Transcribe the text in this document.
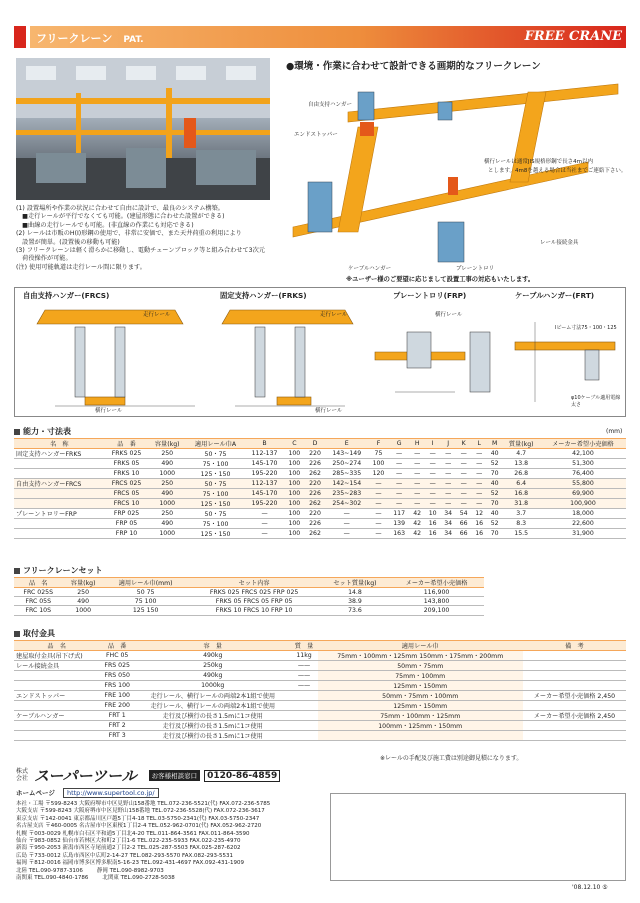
フリークレーン　 PAT.	FREE CRANE
(1) 設置場所や作業の状況に合わせて自由に設計で、最良のシステム構築。
　■走行レールが平行でなくても可能。(建屋形態に合わせた設置ができる)
　■曲線の走行レールでも可能。(非直線の作業にも対応できる)
(2) レールは市販のH(Ⅰ)形鋼の使用で、非常に安価で、また天井荷重の利用により
　設置が簡単。(設置後の移動も可能)
(3) フリークレーンは軽く滑らかに移動し、電動チェーンブロック等と組み合わせて3次元
　荷役操作が可能。
(注) 使用可能軌道は走行レール間に限ります。
●環境・作業に合わせて設計できる画期的なフリークレーン
自由支持ハンガー
エンドストッパー
横行レールは通常JIS規格形鋼で長さ4m以内
とします。4m8を越える場合は当社までご連絡下さい。
レール接続金具
ケーブルハンガー	プレーントロリ
※ユーザー様のご要望に応じまして設置工事の対応もいたします。
自由支持ハンガー(FRCS)	固定支持ハンガー(FRKS)	プレーントロリ(FRP)	ケーブルハンガー(FRT)
走行レール
横行レール
走行レール
横行レール
横行レール
Iビーム寸法75・100・125
φ10ケーブル適用電線太さ
能力・寸法表	(mm)
名　称	品　番	容量(kg)	適用レール巾A	B	C	D	E	F	G	H	I	J	K	L	M	質量(kg)	メーカー希望小売価格
固定支持ハンガーFRKS	FRKS 025	250	50・75	112-137	100	220	143~149	75	—	—	—	—	—	—	40	4.7	42,100
	FRKS 05	490	75・100	145-170	100	226	250~274	100	—	—	—	—	—	—	52	13.8	51,300
	FRKS 10	1000	125・150	195-220	100	262	285~335	120	—	—	—	—	—	—	70	26.8	76,400
自由支持ハンガーFRCS	FRCS 025	250	50・75	112-137	100	220	142~154	—	—	—	—	—	—	—	40	6.4	55,800
	FRCS 05	490	75・100	145-170	100	226	235~283	—	—	—	—	—	—	—	52	16.8	69,900
	FRCS 10	1000	125・150	195-220	100	262	254~302	—	—	—	—	—	—	—	70	31.8	100,900
プレーントロリーFRP	FRP 025	250	50・75	—	100	220	—	—	117	42	10	34	54	12	40	3.7	18,000
	FRP 05	490	75・100	—	100	226	—	—	139	42	16	34	66	16	52	8.3	22,600
	FRP 10	1000	125・150	—	100	262	—	—	163	42	16	34	66	16	70	15.5	31,900
フリークレーンセット
品　名	容量(kg)	適用レール巾(mm)	セット内容	セット質量(kg)	メーカー希望小売価格
FRC 025S	250	50 75	FRKS 025 FRCS 025 FRP 025	14.8	116,900
FRC 05S	490	75 100	FRKS 05 FRCS 05 FRP 05	38.9	143,800
FRC 10S	1000	125 150	FRKS 10 FRCS 10 FRP 10	73.6	209,100
取付金具
品　名	品　番	容　量	質　量	適用レール巾	備　考
建屋取付金具(吊下げ式)	FHC 05	490kg	11kg	75mm・100mm・125mm 150mm・175mm・200mm	
レール接続金具	FRS 025	250kg	——	50mm・75mm	
	FRS 050	490kg	——	75mm・100mm	
	FRS 100	1000kg	——	125mm・150mm	
エンドストッパー	FRE 100	走行レール、横行レールの両端2本1組で使用		50mm・75mm・100mm	メーカー希望小売価格 2,450
	FRE 200	走行レール、横行レールの両端2本1組で使用		125mm・150mm	
ケーブルハンガー	FRT 1	走行及び横行の長さ1.5mに1コ使用		75mm・100mm・125mm	メーカー希望小売価格 2,450
	FRT 2	走行及び横行の長さ1.5mに1コ使用		100mm・125mm・150mm	
	FRT 3	走行及び横行の長さ1.5mに1コ使用			
※レールの手配及び施工費は別途御見積になります。
株式会社 スーパーツール	お客様相談窓口	0120-86-4859
ホームページ http://www.supertool.co.jp/
本社・工場 〒599-8243 大阪府堺市中区見野山158番地 TEL.072-236-5521(代) FAX.072-236-5785
大阪支店 〒599-8243 大阪府堺市中区見野山158番地 TEL.072-236-5528(代) FAX.072-236-3617
東京支店 〒142-0041 東京都品川区戸越5丁目4-18 TEL.03-5750-2341(代) FAX.03-5750-2347
名古屋支店 〒460-0005 名古屋市中区東桜1丁目2-4 TEL.052-962-0701(代) FAX.052-962-2720
札幌 〒003-0029 札幌市白石区平和通5丁目北4-20 TEL.011-864-3561 FAX.011-864-3590
仙台 〒983-0852 仙台市若林区大和町2丁目1-6 TEL.022-235-5933 FAX.022-235-4970
新潟 〒950-2053 新潟市西区寺尾前通2丁目2-2 TEL.025-287-5503 FAX.025-287-6202
広島 〒733-0012 広島市西区中広町2-14-27 TEL.082-293-5570 FAX.082-293-5531
福岡 〒812-0016 福岡市博多区博多駅南5-16-23 TEL.092-431-4697 FAX.092-431-1909
北陸 TEL.090-9787-3106	静岡 TEL.090-8982-9703
南関東 TEL.090-4840-1786	北関東 TEL.090-2728-5038
'08.12.10 ⑤
